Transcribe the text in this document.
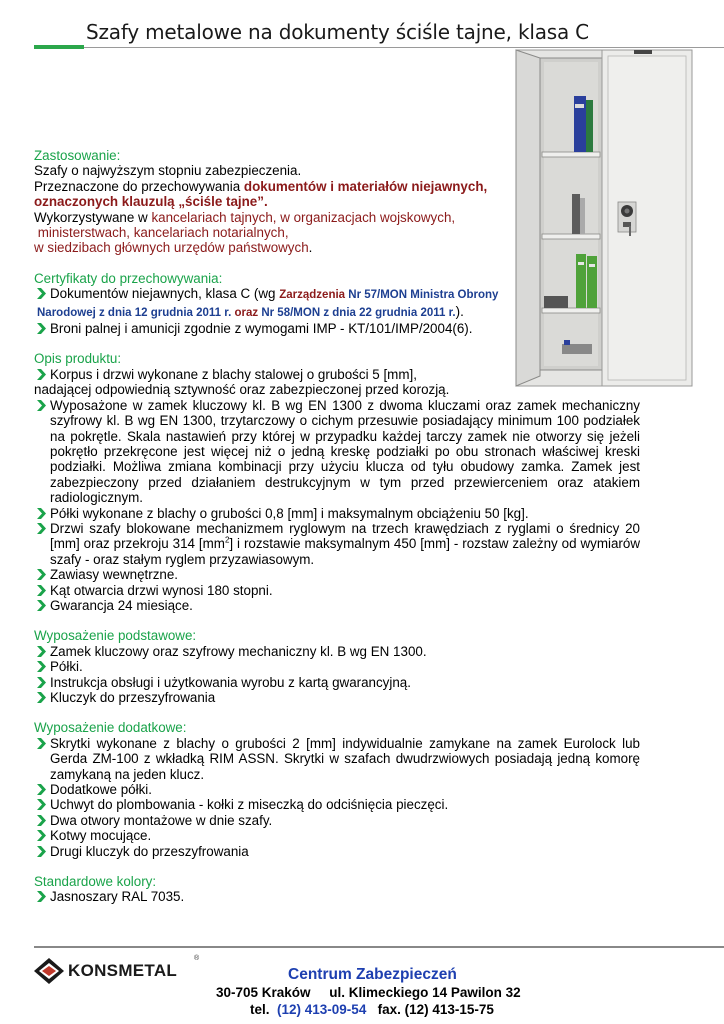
Szafy metalowe na dokumenty ściśle tajne, klasa C

Zastosowanie:

Szafy o najwyższym stopniu zabezpieczenia.

Przeznaczone do przechowywania dokumentów i materiałów niejawnych,

oznaczonych klauzulą „ściśle tajne”.

Wykorzystywane w kancelariach tajnych, w organizacjach wojskowych,

ministerstwach, kancelariach notarialnych,

w siedzibach głównych urzędów państwowych.

Certyfikaty do przechowywania:

Dokumentów niejawnych, klasa C (wg Zarządzenia Nr 57/MON Ministra Obrony
Narodowej z dnia 12 grudnia 2011 r. oraz Nr 58/MON z dnia 22 grudnia 2011 r.).
Broni palnej i amunicji zgodnie z wymogami IMP - KT/101/IMP/2004(6).

Opis produktu:

Korpus i drzwi wykonane z blachy stalowej o grubości 5 [mm],

nadającej odpowiednią sztywność oraz zabezpieczonej przed korozją.

Wyposażone w zamek kluczowy kl. B wg EN 1300 z dwoma kluczami oraz zamek mechaniczny szyfrowy kl. B wg EN 1300, trzytarczowy o cichym przesuwie posiadający minimum 100 podziałek na pokrętle. Skala nastawień przy której w przypadku każdej tarczy zamek nie otworzy się jeżeli pokrętło przekręcone jest więcej niż o jedną kreskę podziałki po obu stronach właściwej kreski podziałki. Możliwa zmiana kombinacji przy użyciu klucza od tyłu obudowy zamka. Zamek jest zabezpieczony przed działaniem destrukcyjnym w tym przed przewierceniem oraz atakiem radiologicznym.
Półki wykonane z blachy o grubości 0,8 [mm] i maksymalnym obciążeniu 50 [kg].
Drzwi szafy blokowane mechanizmem ryglowym na trzech krawędziach z ryglami o średnicy 20 [mm] oraz przekroju 314 $[mm^2]$ i rozstawie maksymalnym 450 [mm] - rozstaw zależny od wymiarów szafy - oraz stałym ryglem przyzawiasowym.
Zawiasy wewnętrzne.
Kąt otwarcia drzwi wynosi 180 stopni.
Gwarancja 24 miesiące.

Wyposażenie podstawowe:

Zamek kluczowy oraz szyfrowy mechaniczny kl. B wg EN 1300.
Półki.
Instrukcja obsługi i użytkowania wyrobu z kartą gwarancyjną.
Kluczyk do przeszyfrowania

Wyposażenie dodatkowe:

Skrytki wykonane z blachy o grubości 2 [mm] indywidualnie zamykane na zamek Eurolock lub Gerda ZM-100 z wkładką RIM ASSN. Skrytki w szafach dwudrzwiowych posiadają jedną komorę zamykaną na jeden klucz.
Dodatkowe półki.
Uchwyt do plombowania - kołki z miseczką do odciśnięcia pieczęci.
Dwa otwory montażowe w dnie szafy.
Kotwy mocujące.
Drugi kluczyk do przeszyfrowania

Standardowe kolory:

Jasnoszary RAL 7035.
KONSMETAL
®
Centrum Zabezpieczeń
30-705 Kraków     ul. Klimeckiego 14 Pawilon 32
tel.  (12) 413-09-54   fax. (12) 413-15-75
